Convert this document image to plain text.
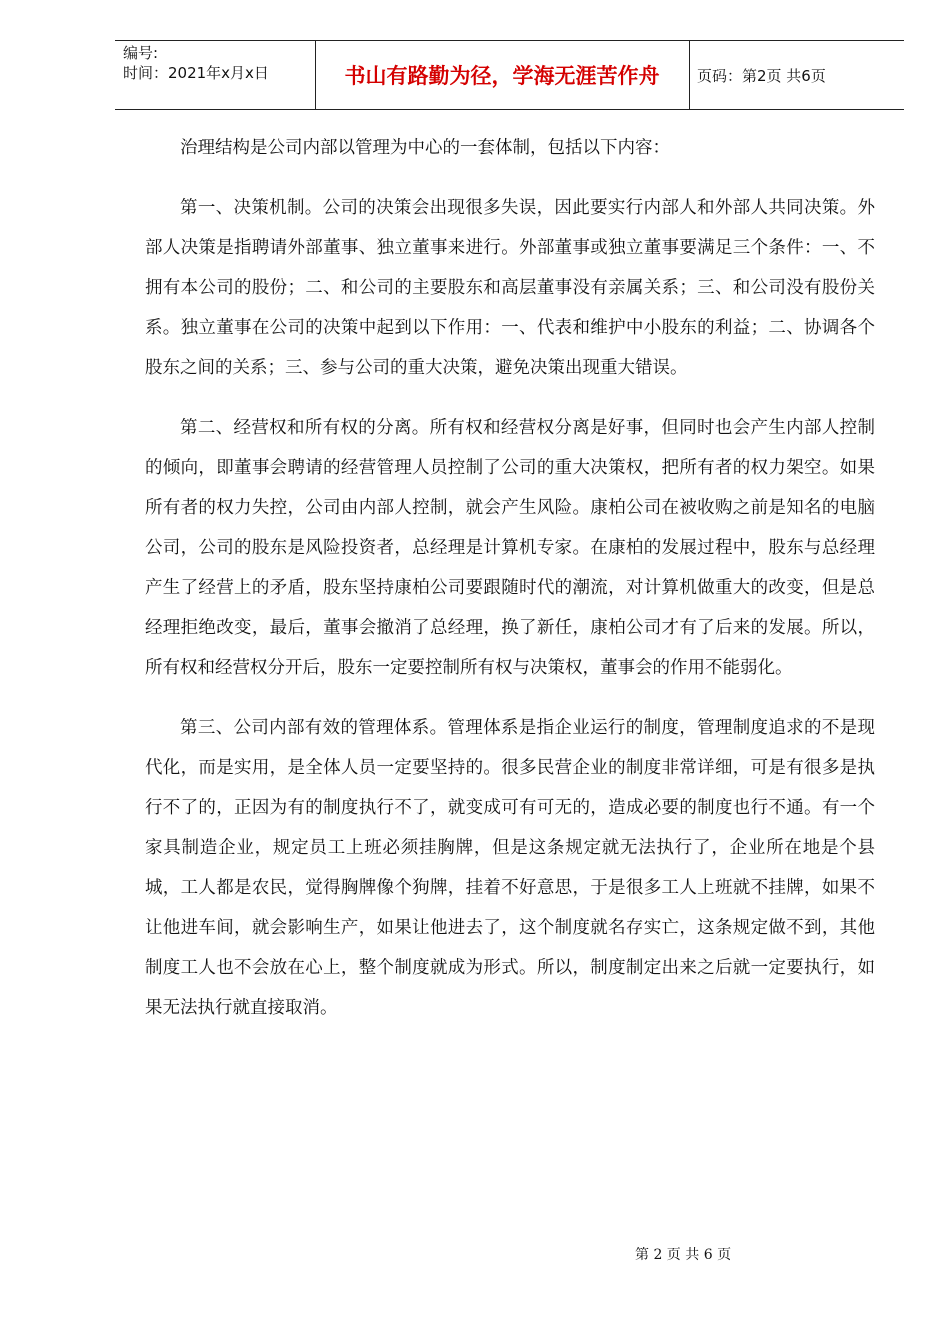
编号:
时间：2021年x月x日	书山有路勤为径，学海无涯苦作舟	页码：第2页 共6页

治理结构是公司内部以管理为中心的一套体制，包括以下内容：

第一、决策机制。公司的决策会出现很多失误，因此要实行内部人和外部人共同决策。外部人决策是指聘请外部董事、独立董事来进行。外部董事或独立董事要满足三个条件：一、不拥有本公司的股份；二、和公司的主要股东和高层董事没有亲属关系；三、和公司没有股份关系。独立董事在公司的决策中起到以下作用：一、代表和维护中小股东的利益；二、协调各个股东之间的关系；三、参与公司的重大决策，避免决策出现重大错误。

第二、经营权和所有权的分离。所有权和经营权分离是好事，但同时也会产生内部人控制的倾向，即董事会聘请的经营管理人员控制了公司的重大决策权，把所有者的权力架空。如果所有者的权力失控，公司由内部人控制，就会产生风险。康柏公司在被收购之前是知名的电脑公司，公司的股东是风险投资者，总经理是计算机专家。在康柏的发展过程中，股东与总经理产生了经营上的矛盾，股东坚持康柏公司要跟随时代的潮流，对计算机做重大的改变，但是总经理拒绝改变，最后，董事会撤消了总经理，换了新任，康柏公司才有了后来的发展。所以，所有权和经营权分开后，股东一定要控制所有权与决策权，董事会的作用不能弱化。

第三、公司内部有效的管理体系。管理体系是指企业运行的制度，管理制度追求的不是现代化，而是实用，是全体人员一定要坚持的。很多民营企业的制度非常详细，可是有很多是执行不了的，正因为有的制度执行不了，就变成可有可无的，造成必要的制度也行不通。有一个家具制造企业，规定员工上班必须挂胸牌，但是这条规定就无法执行了，企业所在地是个县城，工人都是农民，觉得胸牌像个狗牌，挂着不好意思，于是很多工人上班就不挂牌，如果不让他进车间，就会影响生产，如果让他进去了，这个制度就名存实亡，这条规定做不到，其他制度工人也不会放在心上，整个制度就成为形式。所以，制度制定出来之后就一定要执行，如果无法执行就直接取消。

第 2 页 共 6 页
